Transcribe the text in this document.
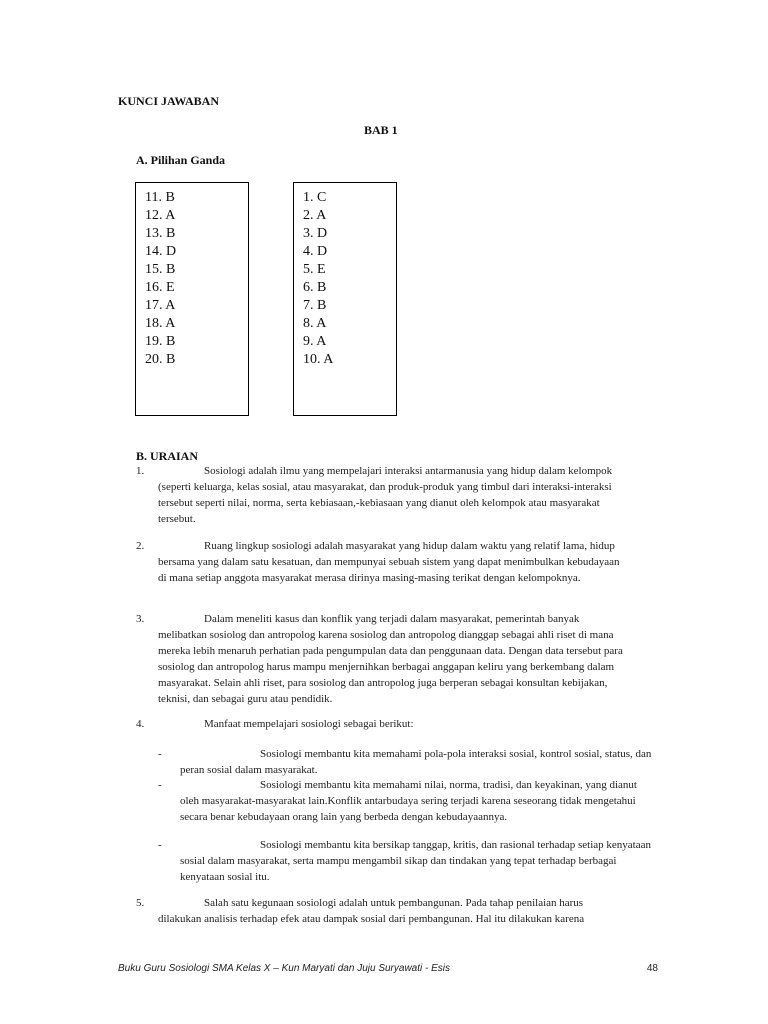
KUNCI JAWABAN
BAB 1
A. Pilihan Ganda
11. B
12. A
13. B
14. D
15. B
16. E
17. A
18. A
19. B
20. B
1. C
2. A
3. D
4. D
5. E
6. B
7. B
8. A
9. A
10. A
B. URAIAN
1.	Sosiologi adalah ilmu yang mempelajari interaksi antarmanusia yang hidup dalam kelompok (seperti keluarga, kelas sosial, atau masyarakat, dan produk-produk yang timbul dari interaksi-interaksi tersebut seperti nilai, norma, serta kebiasaan,-kebiasaan yang dianut oleh kelompok atau masyarakat tersebut.
2.	Ruang lingkup sosiologi adalah masyarakat yang hidup dalam waktu yang relatif lama, hidup bersama yang dalam satu kesatuan, dan mempunyai sebuah sistem yang dapat menimbulkan kebudayaan di mana setiap anggota masyarakat merasa dirinya masing-masing terikat dengan kelompoknya.
3.	Dalam meneliti kasus dan konflik yang terjadi dalam masyarakat, pemerintah banyak melibatkan sosiolog dan antropolog karena sosiolog dan antropolog dianggap sebagai ahli riset di mana mereka lebih menaruh perhatian pada pengumpulan data dan penggunaan data. Dengan data tersebut para sosiolog dan antropolog harus mampu menjernihkan berbagai anggapan keliru yang berkembang dalam masyarakat. Selain ahli riset, para sosiolog dan antropolog juga berperan sebagai konsultan kebijakan, teknisi, dan sebagai guru atau pendidik.
4.	Manfaat mempelajari sosiologi sebagai berikut:
-	Sosiologi membantu kita memahami pola-pola interaksi sosial, kontrol sosial, status, dan peran sosial dalam masyarakat.
-	Sosiologi membantu kita memahami nilai, norma, tradisi, dan keyakinan, yang dianut oleh masyarakat-masyarakat lain.Konflik antarbudaya sering terjadi karena seseorang tidak mengetahui secara benar kebudayaan orang lain yang berbeda dengan kebudayaannya.
-	Sosiologi membantu kita bersikap tanggap, kritis, dan rasional terhadap setiap kenyataan sosial dalam masyarakat, serta mampu mengambil sikap dan tindakan yang tepat terhadap berbagai kenyataan sosial itu.
5.	Salah satu kegunaan sosiologi adalah untuk pembangunan. Pada tahap penilaian harus dilakukan analisis terhadap efek atau dampak sosial dari pembangunan. Hal itu dilakukan karena
Buku Guru Sosiologi SMA Kelas X – Kun Maryati dan Juju Suryawati - Esis	48
